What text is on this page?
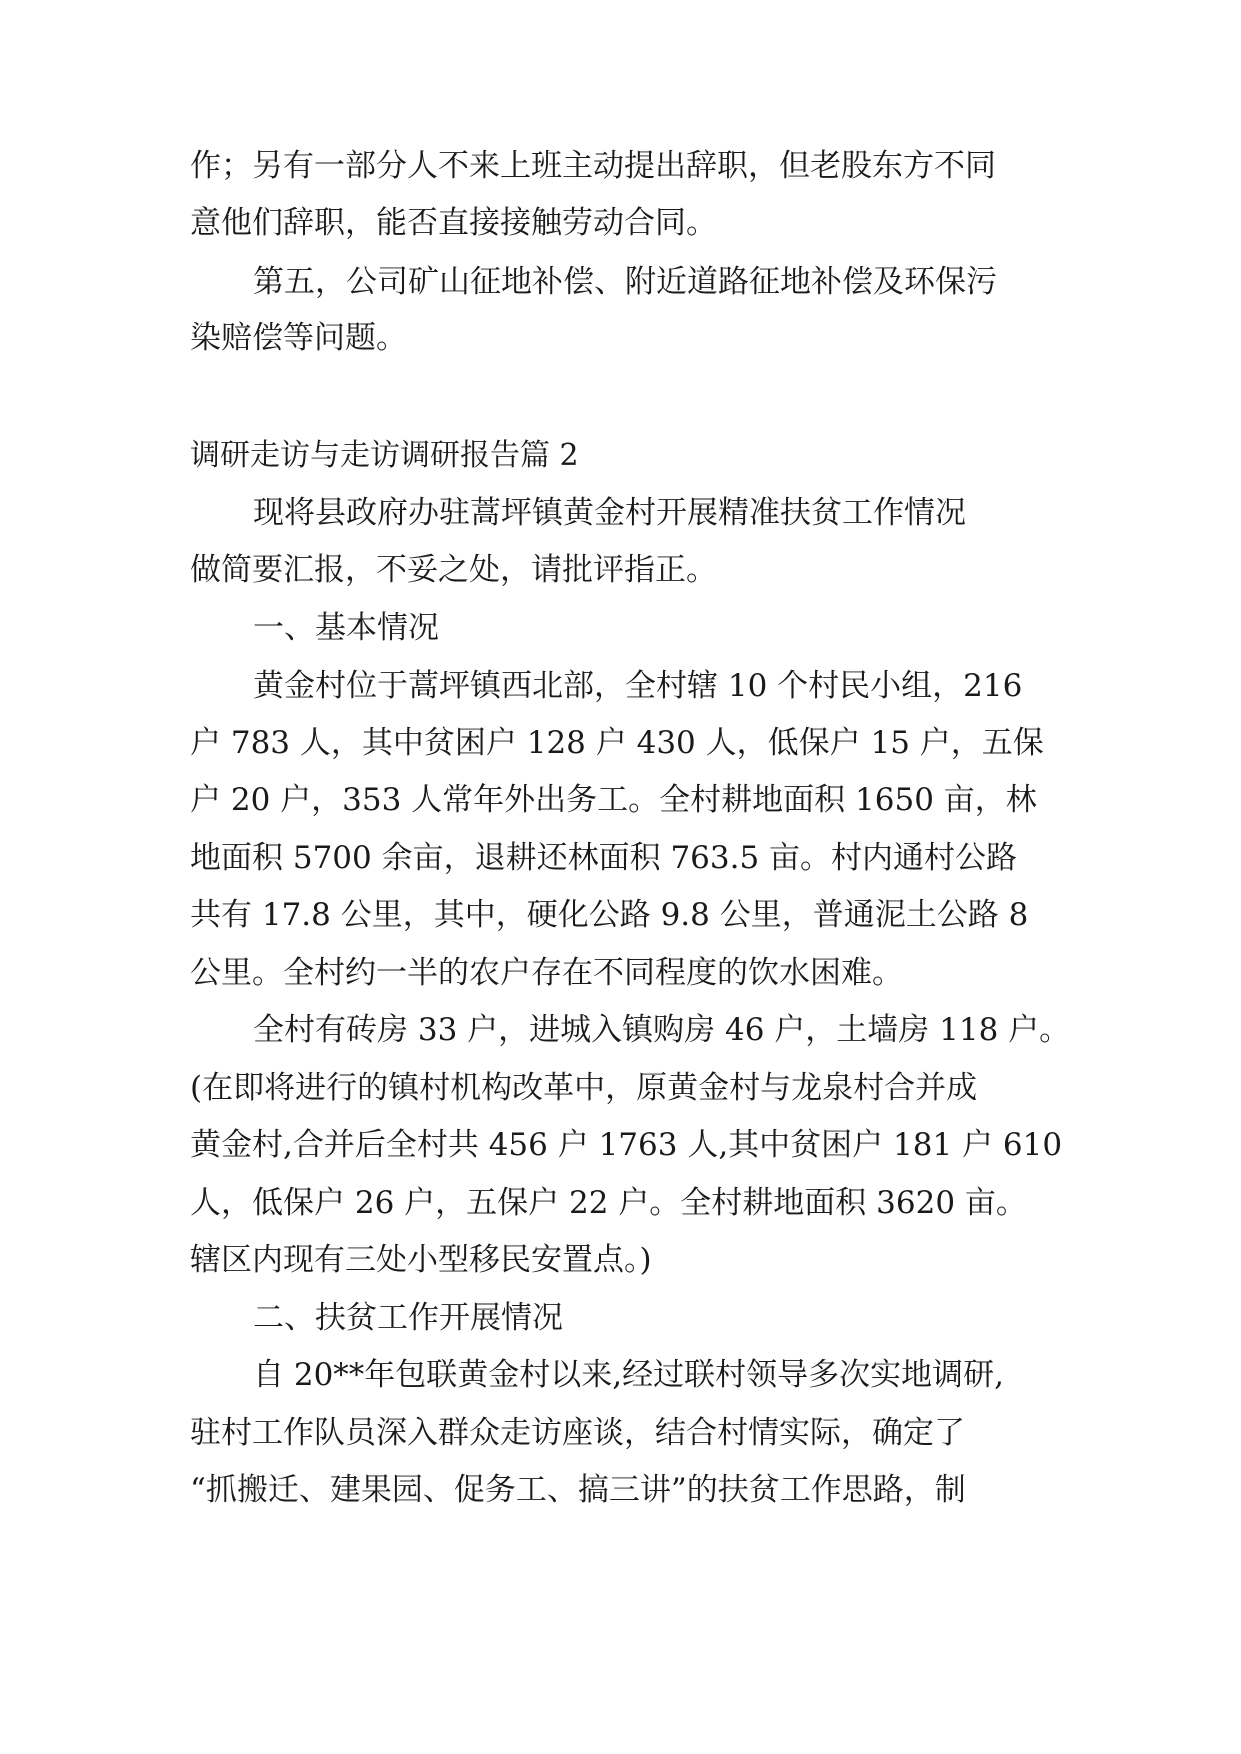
作；另有一部分人不来上班主动提出辞职，但老股东方不同
意他们辞职，能否直接接触劳动合同。
第五，公司矿山征地补偿、附近道路征地补偿及环保污
染赔偿等问题。
调研走访与走访调研报告篇 2
现将县政府办驻蒿坪镇黄金村开展精准扶贫工作情况
做简要汇报，不妥之处，请批评指正。
一、基本情况
黄金村位于蒿坪镇西北部，全村辖 10 个村民小组，216
户 783 人，其中贫困户 128 户 430 人，低保户 15 户，五保
户 20 户，353 人常年外出务工。全村耕地面积 1650 亩，林
地面积 5700 余亩，退耕还林面积 763.5 亩。村内通村公路
共有 17.8 公里，其中，硬化公路 9.8 公里，普通泥土公路 8
公里。全村约一半的农户存在不同程度的饮水困难。
全村有砖房 33 户，进城入镇购房 46 户，土墙房 118 户。
(在即将进行的镇村机构改革中，原黄金村与龙泉村合并成
黄金村,合并后全村共 456 户 1763 人,其中贫困户 181 户 610
人，低保户 26 户，五保户 22 户。全村耕地面积 3620 亩。
辖区内现有三处小型移民安置点。)
二、扶贫工作开展情况
自 20**年包联黄金村以来,经过联村领导多次实地调研,
驻村工作队员深入群众走访座谈，结合村情实际，确定了
“抓搬迁、建果园、促务工、搞三讲”的扶贫工作思路，制
